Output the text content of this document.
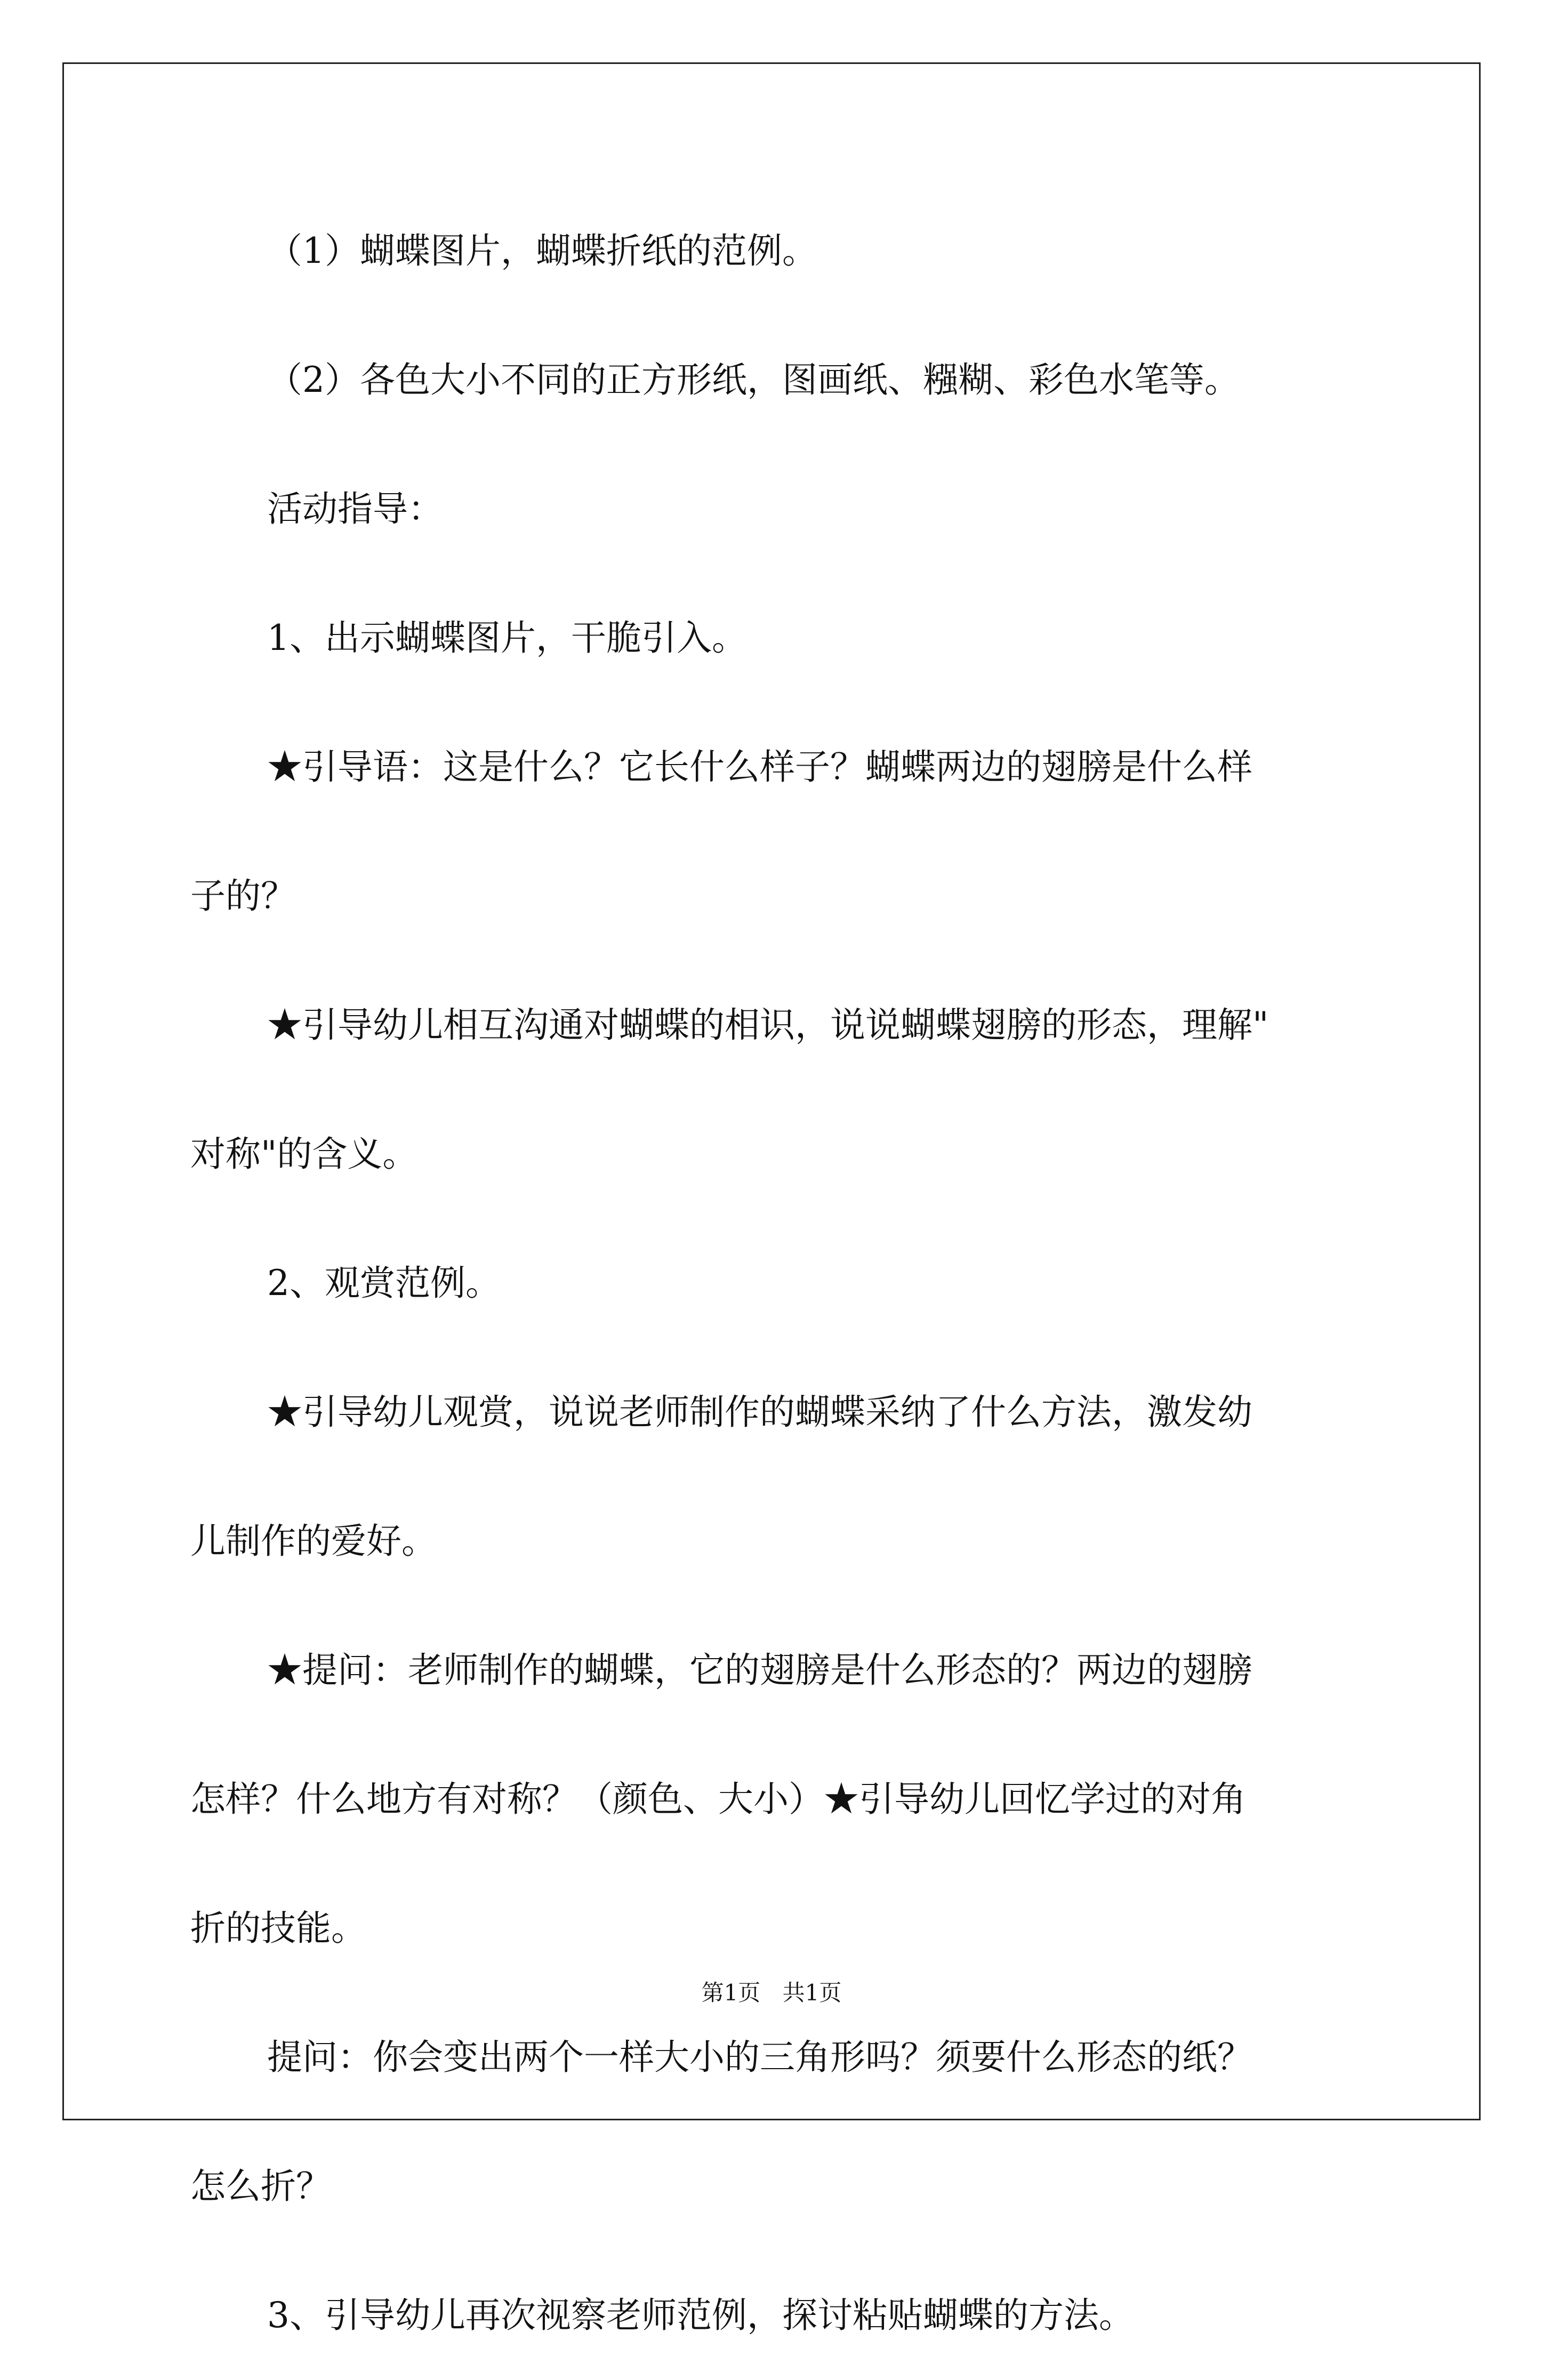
（1）蝴蝶图片，蝴蝶折纸的范例。

（2）各色大小不同的正方形纸，图画纸、糨糊、彩色水笔等。

活动指导：

1、出示蝴蝶图片，干脆引入。

★引导语：这是什么？它长什么样子？蝴蝶两边的翅膀是什么样

子的？

★引导幼儿相互沟通对蝴蝶的相识，说说蝴蝶翅膀的形态，理解"

对称"的含义。

2、观赏范例。

★引导幼儿观赏，说说老师制作的蝴蝶采纳了什么方法，激发幼

儿制作的爱好。

★提问：老师制作的蝴蝶，它的翅膀是什么形态的？两边的翅膀

怎样？什么地方有对称？（颜色、大小）★引导幼儿回忆学过的对角

折的技能。

提问：你会变出两个一样大小的三角形吗？须要什么形态的纸？

怎么折？

3、引导幼儿再次视察老师范例，探讨粘贴蝴蝶的方法。

第1页 共1页
